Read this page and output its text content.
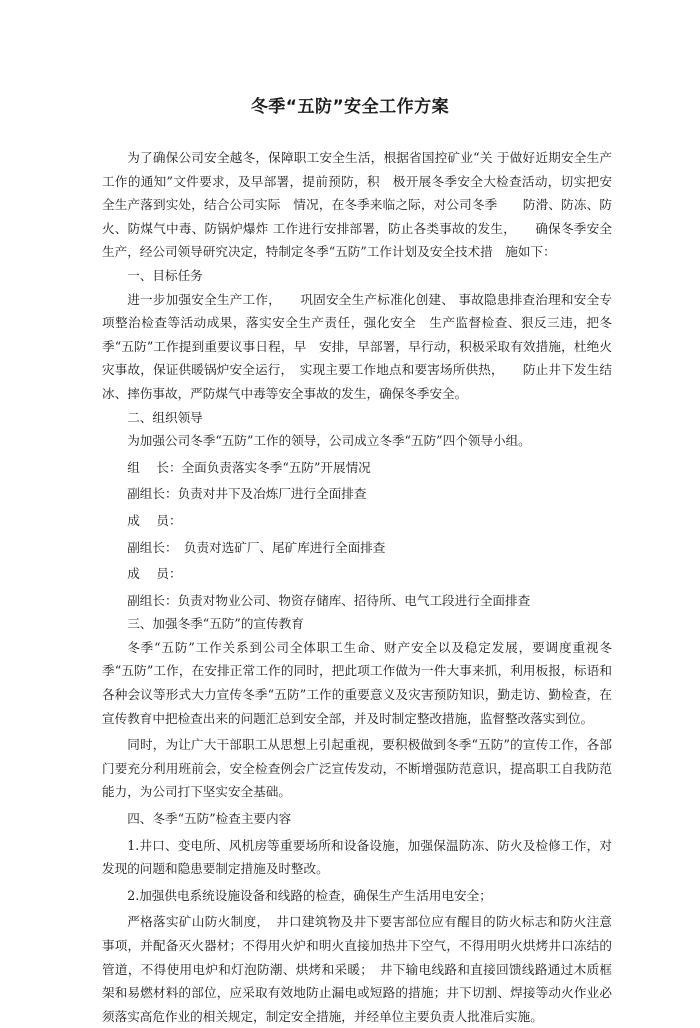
冬季“五防”安全工作方案

为了确保公司安全越冬，保障职工安全生活，根据省国控矿业“关 于做好近期安全生产工作的通知”文件要求，及早部署，提前预防，积　极开展冬季安全大检查活动，切实把安全生产落到实处，结合公司实际　情况，在冬季来临之际，对公司冬季　　防滑、防冻、防火、防煤气中毒、防锅炉爆炸 工作进行安排部署，防止各类事故的发生，　　确保冬季安全生产，经公司领导研究决定，特制定冬季“五防”工作计划及安全技术措　施如下：

一、目标任务

进一步加强安全生产工作，　　巩固安全生产标准化创建、 事故隐患排查治理和安全专项整治检查等活动成果，落实安全生产责任，强化安全　生产监督检查、狠反三违，把冬季“五防”工作提到重要议事日程，早　安排，早部署，早行动，积极采取有效措施，杜绝火灾事故，保证供暖锅炉安全运行，　实现主要工作地点和要害场所供热，　　防止井下发生结冰、摔伤事故，严防煤气中毒等安全事故的发生，确保冬季安全。

二、组织领导

为加强公司冬季“五防”工作的领导，公司成立冬季“五防”四个领导小组。

组　 长：全面负责落实冬季“五防”开展情况

副组长：负责对井下及冶炼厂进行全面排查

成　 员：

副组长：　负责对选矿厂、尾矿库进行全面排查

成　 员：

副组长：负责对物业公司、物资存储库、招待所、电气工段进行全面排查

三、加强冬季“五防”的宣传教育

冬季“五防”工作关系到公司全体职工生命、财产安全以及稳定发展，要调度重视冬季“五防”工作，在安排正常工作的同时，把此项工作做为一件大事来抓，利用板报，标语和各种会议等形式大力宣传冬季“五防”工作的重要意义及灾害预防知识，勤走访、勤检查，在宣传教育中把检查出来的问题汇总到安全部，并及时制定整改措施，监督整改落实到位。

同时，为让广大干部职工从思想上引起重视，要积极做到冬季“五防”的宣传工作，各部门要充分利用班前会，安全检查例会广泛宣传发动，不断增强防范意识，提高职工自我防范能力，为公司打下坚实安全基础。

四、冬季“五防”检查主要内容

1.井口、变电所、风机房等重要场所和设备设施，加强保温防冻、防火及检修工作，对发现的问题和隐患要制定措施及时整改。

2.加强供电系统设施设备和线路的检查，确保生产生活用电安全；

严格落实矿山防火制度，　井口建筑物及井下要害部位应有醒目的防火标志和防火注意事项，并配备灭火器材；不得用火炉和明火直接加热井下空气，不得用明火烘烤井口冻结的管道，不得使用电炉和灯泡防潮、烘烤和采暖；　井下输电线路和直接回馈线路通过木质框架和易燃材料的部位，应采取有效地防止漏电或短路的措施；井下切割、焊接等动火作业必须落实高危作业的相关规定，制定安全措施，并经单位主要负责人批准后实施。
